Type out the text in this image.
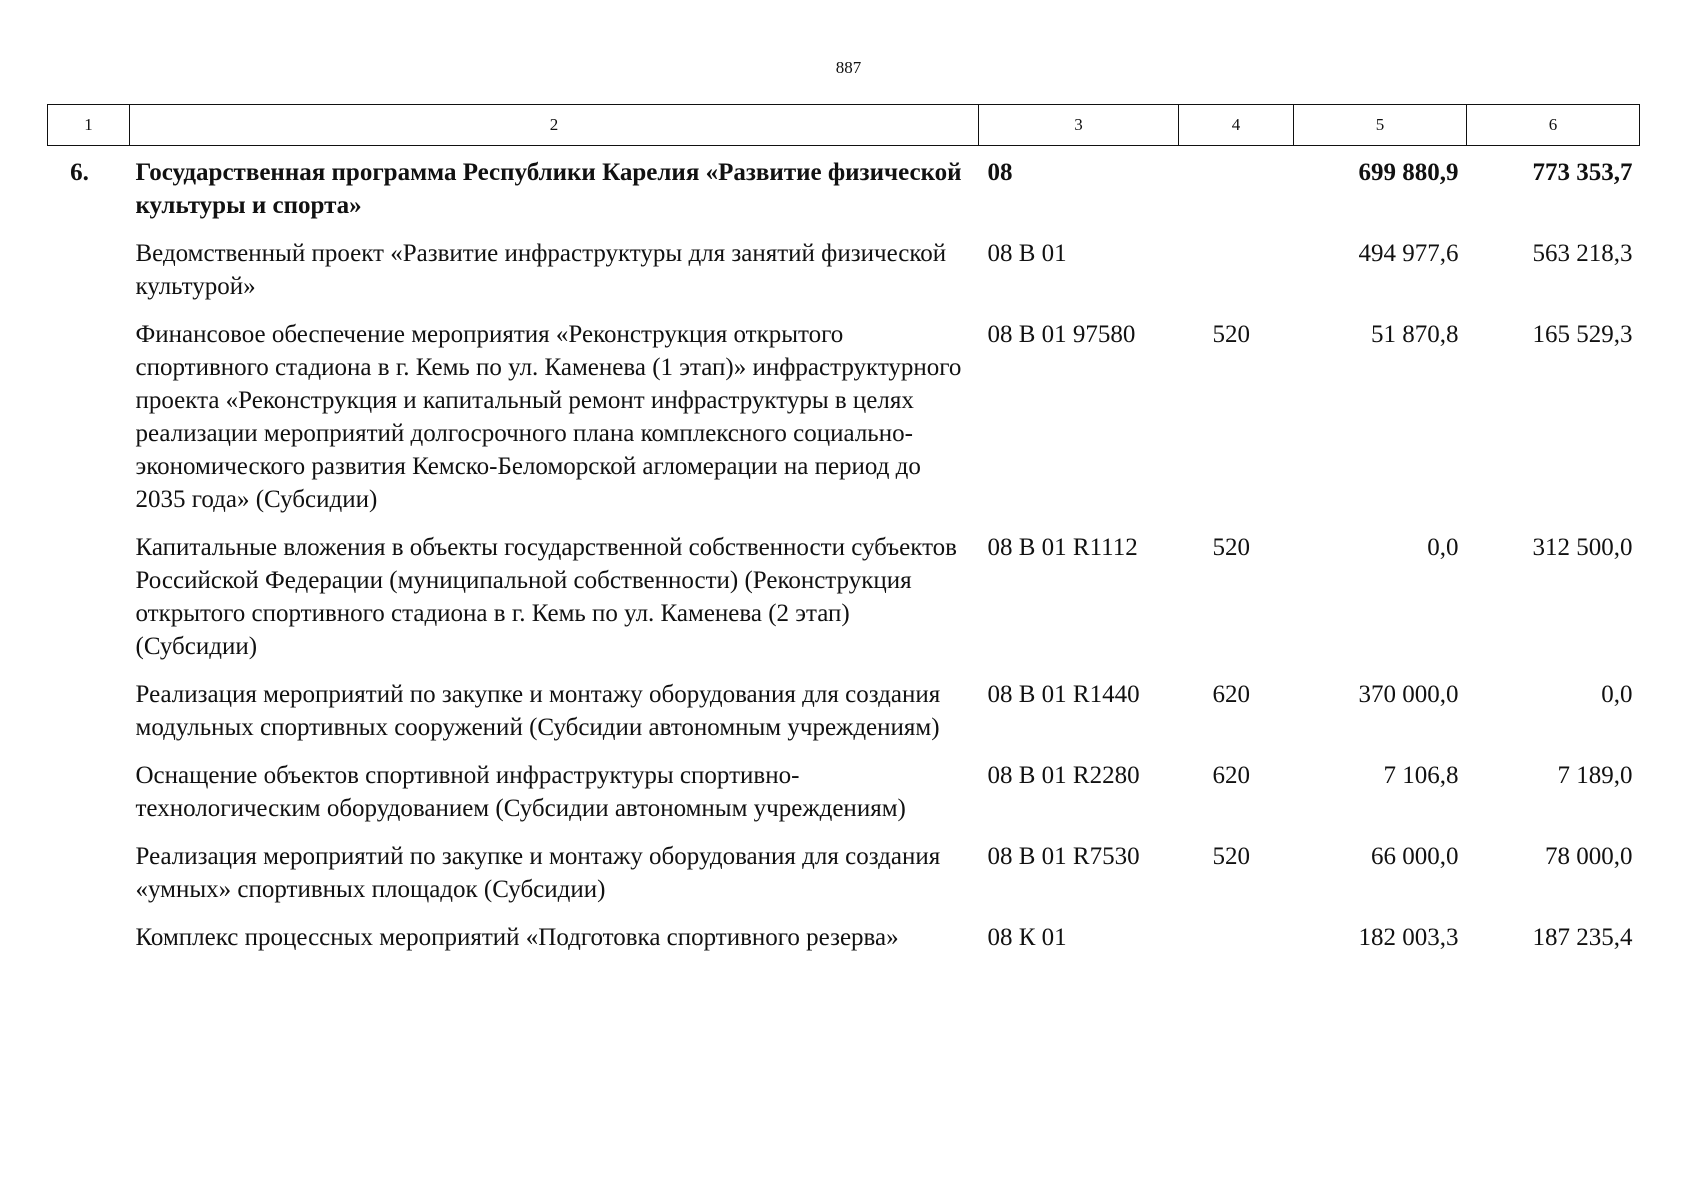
887
1	2	3	4	5	6
6.	Государственная программа Республики Карелия «Развитие физической культуры и спорта»	08		699 880,9	773 353,7
	Ведомственный проект «Развитие инфраструктуры для занятий физической культурой»	08 В 01		494 977,6	563 218,3
	Финансовое обеспечение мероприятия «Реконструкция открытого спортивного стадиона в г. Кемь по ул. Каменева (1 этап)» инфраструктурного проекта «Реконструкция и капитальный ремонт инфраструктуры в целях реализации мероприятий долгосрочного плана комплексного социально-экономического развития Кемско-Беломорской агломерации на период до 2035 года» (Субсидии)	08 В 01 97580	520	51 870,8	165 529,3
	Капитальные вложения в объекты государственной собственности субъектов Российской Федерации (муниципальной собственности) (Реконструкция открытого спортивного стадиона в г. Кемь по ул. Каменева (2 этап) (Субсидии)	08 В 01 R1112	520	0,0	312 500,0
	Реализация мероприятий по закупке и монтажу оборудования для создания модульных спортивных сооружений (Субсидии автономным учреждениям)	08 В 01 R1440	620	370 000,0	0,0
	Оснащение объектов спортивной инфраструктуры спортивно-технологическим оборудованием (Субсидии автономным учреждениям)	08 В 01 R2280	620	7 106,8	7 189,0
	Реализация мероприятий по закупке и монтажу оборудования для создания «умных» спортивных площадок (Субсидии)	08 В 01 R7530	520	66 000,0	78 000,0
	Комплекс процессных мероприятий «Подготовка спортивного резерва»	08 К 01		182 003,3	187 235,4
